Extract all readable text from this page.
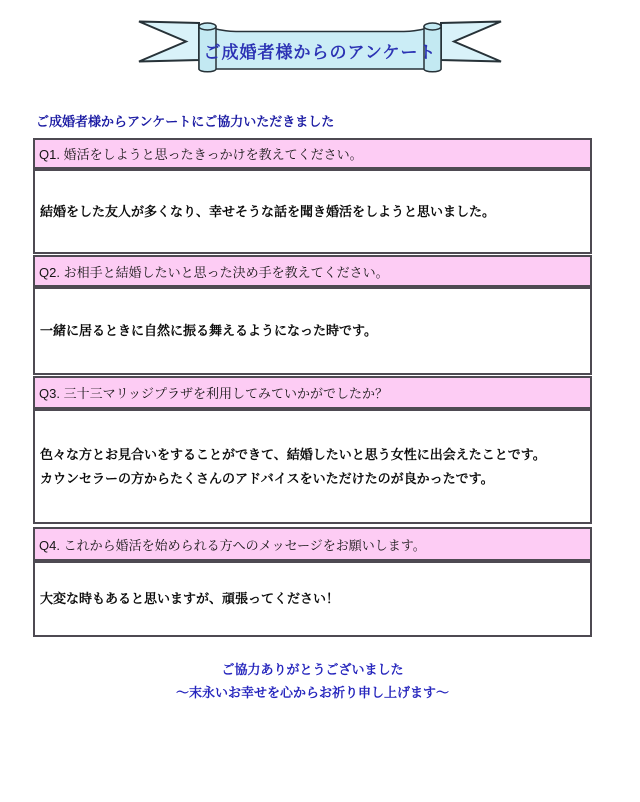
ご成婚者様からのアンケート
ご成婚者様からアンケートにご協力いただきました
Q1. 婚活をしようと思ったきっかけを教えてください。
結婚をした友人が多くなり、幸せそうな話を聞き婚活をしようと思いました。
Q2. お相手と結婚したいと思った決め手を教えてください。
一緒に居るときに自然に振る舞えるようになった時です。
Q3. 三十三マリッジプラザを利用してみていかがでしたか？
色々な方とお見合いをすることができて、結婚したいと思う女性に出会えたことです。
カウンセラーの方からたくさんのアドバイスをいただけたのが良かったです。
Q4. これから婚活を始められる方へのメッセージをお願いします。
大変な時もあると思いますが、頑張ってください！
ご協力ありがとうございました
〜末永いお幸せを心からお祈り申し上げます〜
